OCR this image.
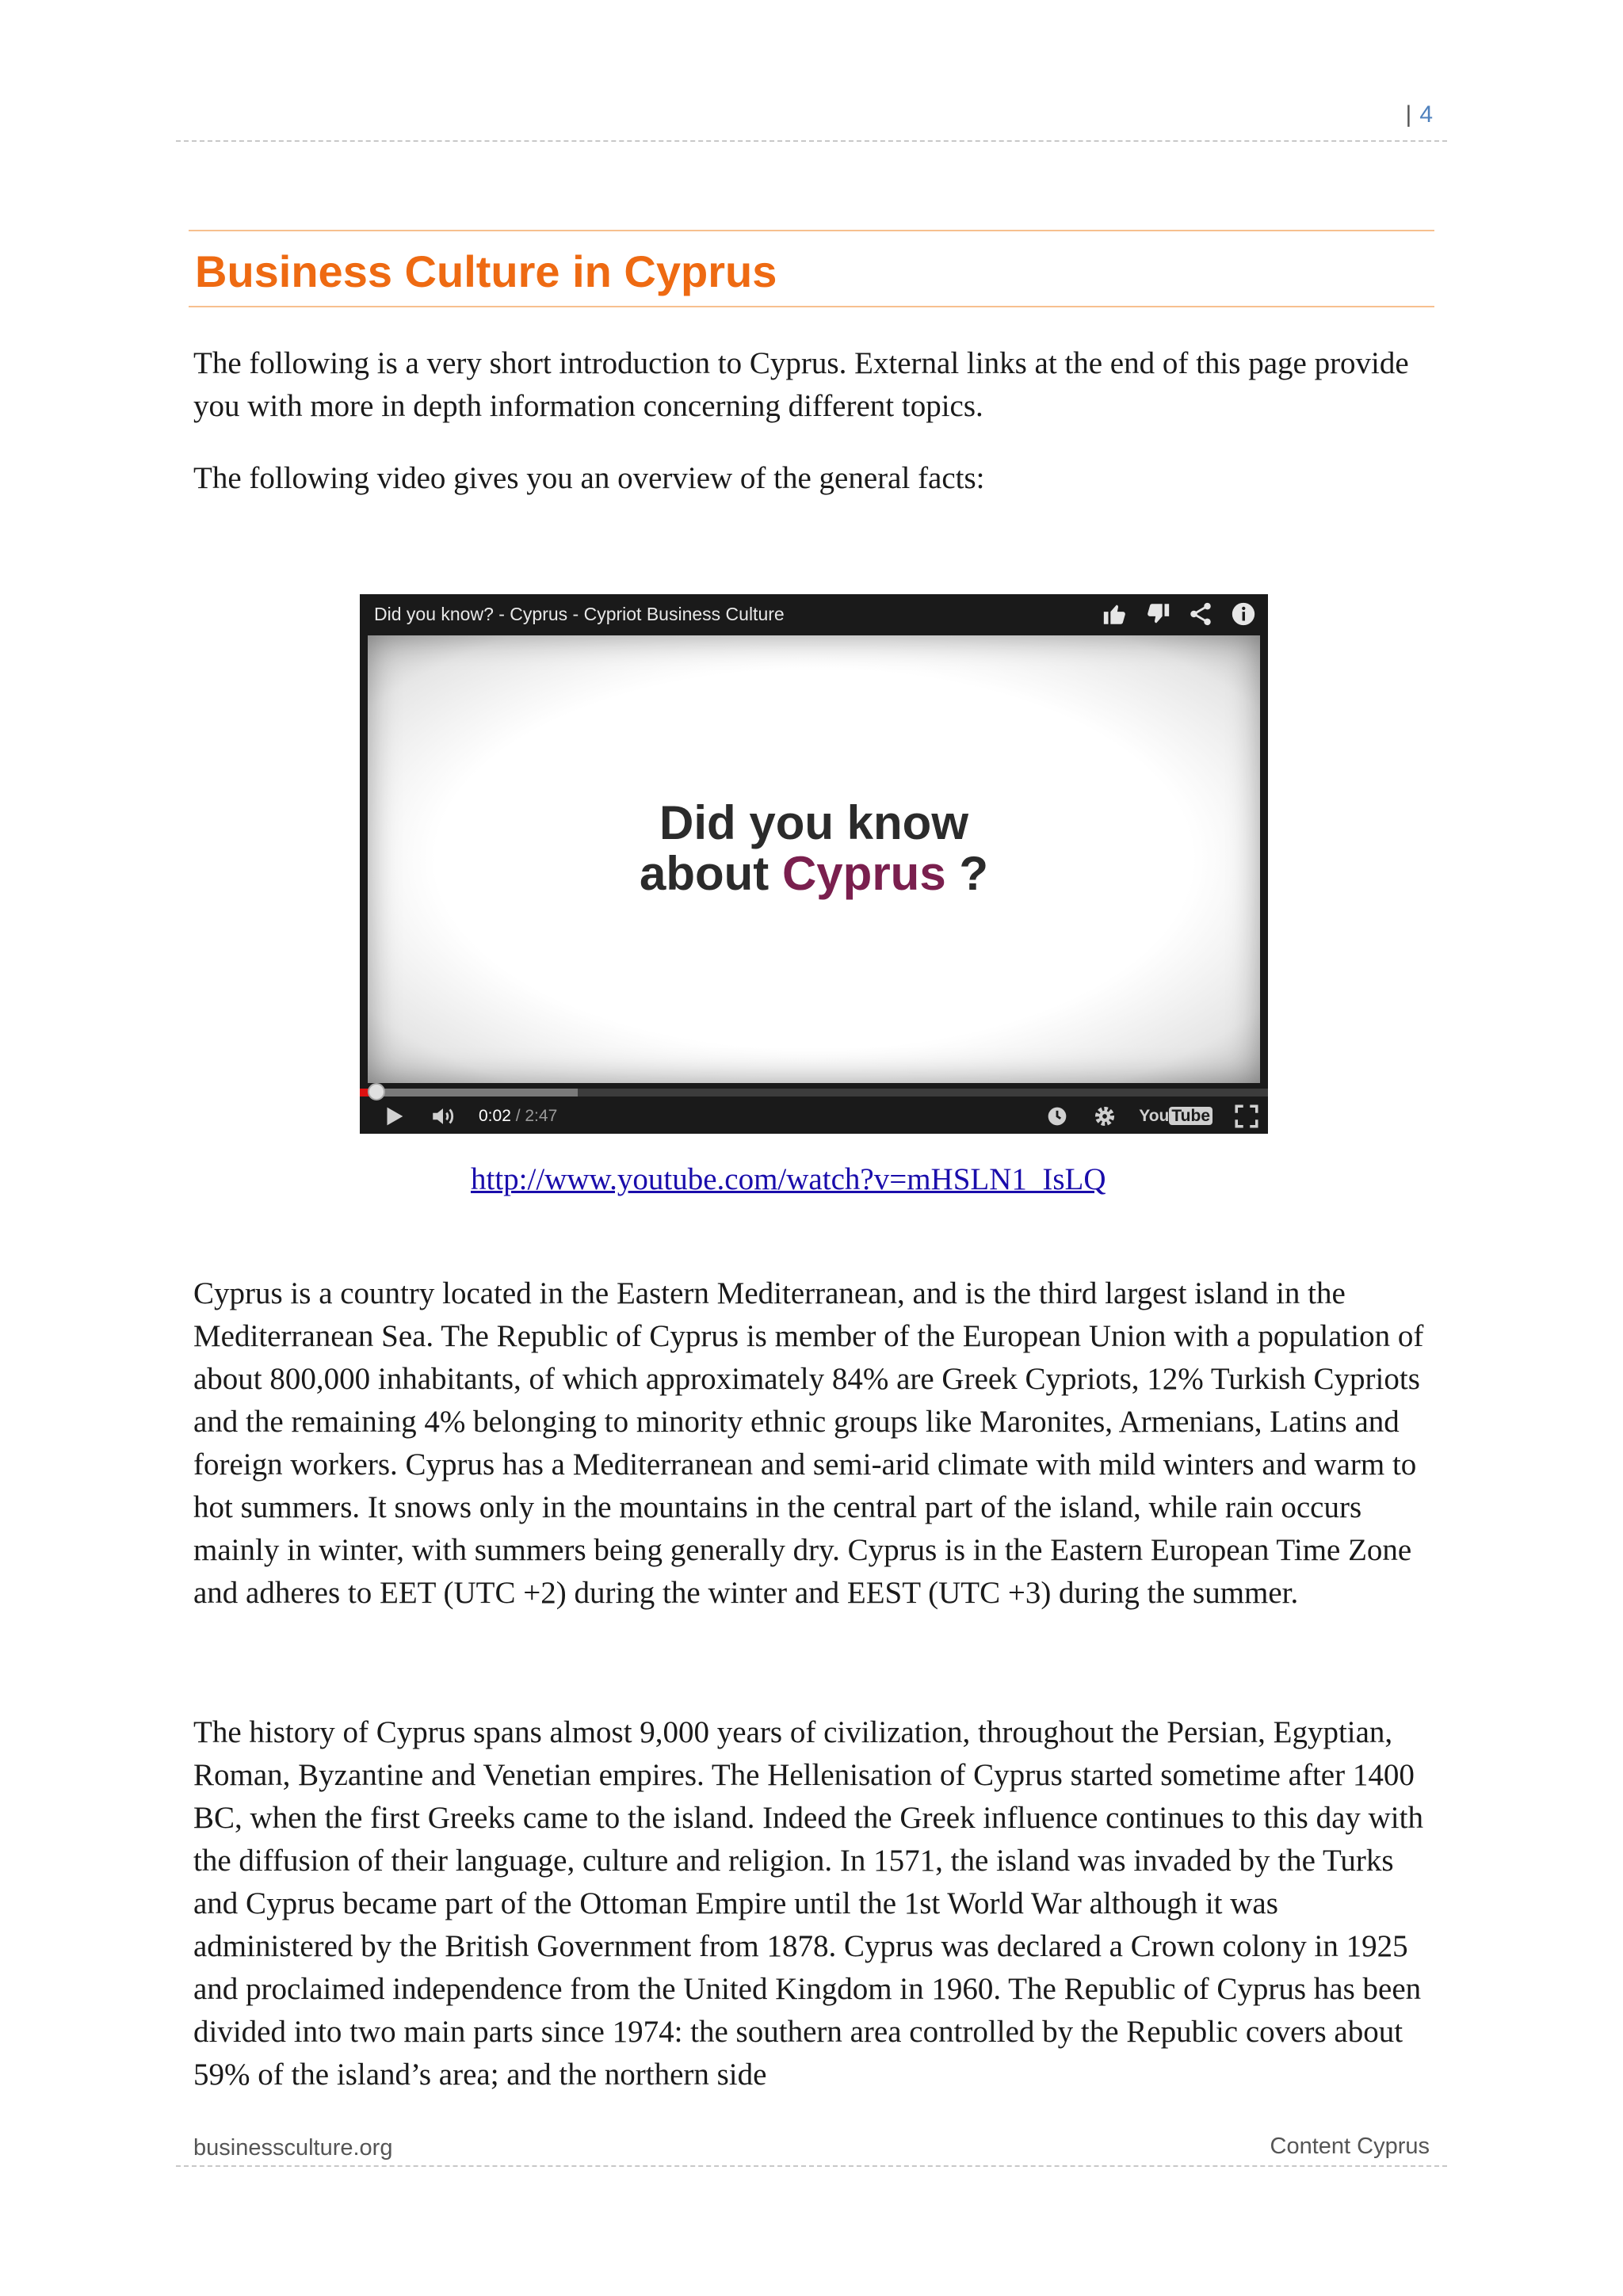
| 4
Business Culture in Cyprus

The following is a very short introduction to Cyprus. External links at the end of this page provide you with more in depth information concerning different topics.

The following video gives you an overview of the general facts:

Did you know? - Cyprus - Cypriot Business Culture
Did you know
about Cyprus ?
0:02 / 2:47	You Tube
http://www.youtube.com/watch?v=mHSLN1_IsLQ

Cyprus is a country located in the Eastern Mediterranean, and is the third largest island in the Mediterranean Sea. The Republic of Cyprus is member of the European Union with a population of about 800,000 inhabitants, of which approximately 84% are Greek Cypriots, 12% Turkish Cypriots and the remaining 4% belonging to minority ethnic groups like Maronites, Armenians, Latins and foreign workers. Cyprus has a Mediterranean and semi-arid climate with mild winters and warm to hot summers. It snows only in the mountains in the central part of the island, while rain occurs mainly in winter, with summers being generally dry. Cyprus is in the Eastern European Time Zone and adheres to EET (UTC +2) during the winter and EEST (UTC +3) during the summer.

The history of Cyprus spans almost 9,000 years of civilization, throughout the Persian, Egyptian, Roman, Byzantine and Venetian empires. The Hellenisation of Cyprus started sometime after 1400 BC, when the first Greeks came to the island. Indeed the Greek influence continues to this day with the diffusion of their language, culture and religion. In 1571, the island was invaded by the Turks and Cyprus became part of the Ottoman Empire until the 1st World War although it was administered by the British Government from 1878. Cyprus was declared a Crown colony in 1925 and proclaimed independence from the United Kingdom in 1960. The Republic of Cyprus has been divided into two main parts since 1974: the southern area controlled by the Republic covers about 59% of the island’s area; and the northern side

businessculture.org	Content Cyprus
